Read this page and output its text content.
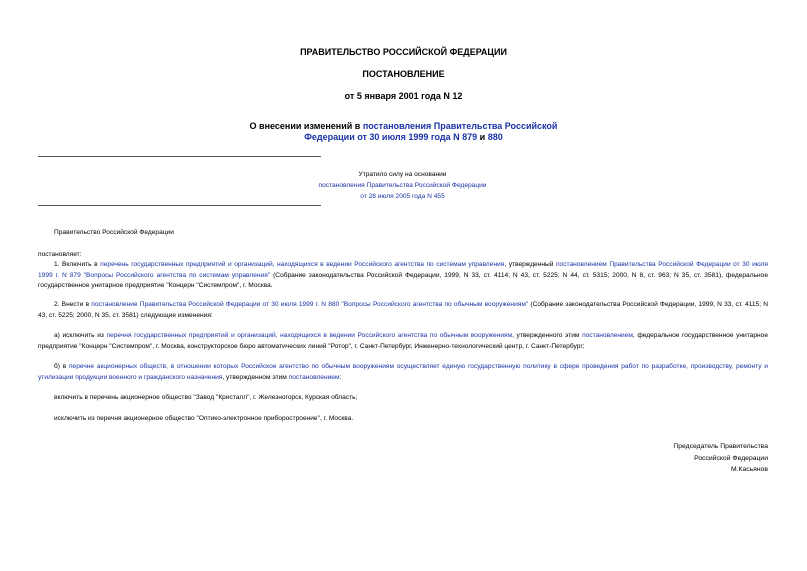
ПРАВИТЕЛЬСТВО РОССИЙСКОЙ ФЕДЕРАЦИИ
ПОСТАНОВЛЕНИЕ
от 5 января 2001 года N 12
О внесении изменений в постановления Правительства Российской
Федерации от 30 июля 1999 года N 879 и 880
Утратило силу на основании
постановления Правительства Российской Федерации
от 28 июля 2005 года N 455
Правительство Российской Федерации
постановляет:
1. Включить в перечень государственных предприятий и организаций, находящихся в ведении Российского агентства по системам управления, утвержденный постановлением Правительства Российской Федерации от 30 июля 1999 г. N 879 "Вопросы Российского агентства по системам управления" (Собрание законодательства Российской Федерации, 1999, N 33, ст. 4114; N 43, ст. 5225; N 44, ст. 5315; 2000, N 8, ст. 963; N 35, ст. 3581), федеральное государственное унитарное предприятие "Концерн "Системпром", г. Москва.
2. Внести в постановление Правительства Российской Федерации от 30 июля 1999 г. N 880 "Вопросы Российского агентства по обычным вооружениям" (Собрание законодательства Российской Федерации, 1999, N 33, ст. 4115; N 43, ст. 5225; 2000, N 35, ст. 3581) следующие изменения:
а) исключить из перечня государственных предприятий и организаций, находящихся в ведении Российского агентства по обычным вооружениям, утвержденного этим постановлением, федеральное государственное унитарное предприятие "Концерн "Системпром", г. Москва, конструкторское бюро автоматических линий "Ротор", г. Санкт-Петербург, Инженерно-технологический центр, г. Санкт-Петербург;
б) в перечне акционерных обществ, в отношении которых Российское агентство по обычным вооружениям осуществляет единую государственную политику в сфере проведения работ по разработке, производству, ремонту и утилизации продукции военного и гражданского назначения, утвержденном этим постановлением:
включить в перечень акционерное общество "Завод "Кристалл", г. Железногорск, Курская область;
исключить из перечня акционерное общество "Оптико-электронное приборостроение", г. Москва.
Председатель Правительства
Российской Федерации
М.Касьянов
